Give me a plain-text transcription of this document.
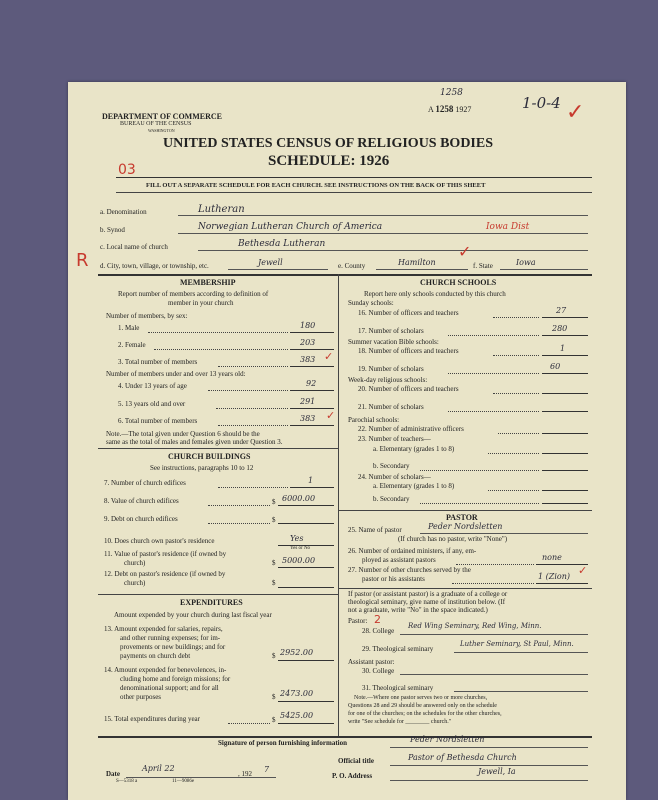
DEPARTMENT OF COMMERCE
BUREAU OF THE CENSUS
WASHINGTON
A 1258 1927
1258
1-0-4 ✓
UNITED STATES CENSUS OF RELIGIOUS BODIES
SCHEDULE: 1926
03
FILL OUT A SEPARATE SCHEDULE FOR EACH CHURCH. SEE INSTRUCTIONS ON THE BACK OF THIS SHEET
a. Denomination	Lutheran
b. Synod	Norwegian Lutheran Church of America	Iowa Dist
c. Local name of church	Bethesda Lutheran
R d. City, town, village, or township, etc.	Jewell	e. County	Hamilton	f. State	Iowa
✓
MEMBERSHIP
Report number of members according to definition of
member in your church
Number of members, by sex:
1. Male	180
2. Female	203
3. Total number of members	383 ✓
Number of members under and over 13 years old:
4. Under 13 years of age	92
5. 13 years old and over	291
6. Total number of members	383 ✓
Note.—The total given under Question 6 should be the
same as the total of males and females given under Question 3.
CHURCH BUILDINGS
See instructions, paragraphs 10 to 12
7. Number of church edifices	1
8. Value of church edifices	$ 6000.00
9. Debt on church edifices	$
10. Does church own pastor's residence	Yes
Yes or No
11. Value of pastor's residence (if owned by
church)	$ 5000.00
12. Debt on pastor's residence (if owned by
church)	$
EXPENDITURES
Amount expended by your church during last fiscal year
13. Amount expended for salaries, repairs,
and other running expenses; for im-
provements or new buildings; and for
payments on church debt	$ 2952.00
14. Amount expended for benevolences, in-
cluding home and foreign missions; for
denominational support; and for all
other purposes	$ 2473.00
15. Total expenditures during year	$ 5425.00
CHURCH SCHOOLS
Report here only schools conducted by this church
Sunday schools:
16. Number of officers and teachers	27
17. Number of scholars	280
Summer vacation Bible schools:
18. Number of officers and teachers	1
19. Number of scholars	60
Week-day religious schools:
20. Number of officers and teachers
21. Number of scholars
Parochial schools:
22. Number of administrative officers
23. Number of teachers—
a. Elementary (grades 1 to 8)
b. Secondary
24. Number of scholars—
a. Elementary (grades 1 to 8)
b. Secondary
PASTOR
25. Name of pastor	Peder Nordsletten
(If church has no pastor, write "None")
26. Number of ordained ministers, if any, em-
ployed as assistant pastors	none
27. Number of other churches served by the
pastor or his assistants	1 (Zion) ✓
If pastor (or assistant pastor) is a graduate of a college or
theological seminary, give name of institution below. (If
not a graduate, write "No" in the space indicated.)
Pastor: 2
28. College
Red Wing Seminary, Red Wing, Minn.
29. Theological seminary
Luther Seminary, St Paul, Minn.
Assistant pastor:
30. College
31. Theological seminary
Note.—Where one pastor serves two or more churches,
Questions 28 and 29 should be answered only on the schedule
for one of the churches; on the schedules for the other churches,
write "See schedule for ________ church."
Signature of person furnishing information	Peder Nordsletten
Official title	Pastor of Bethesda Church
Date
April 22
, 192 7
P. O. Address	Jewell, Ia
S—5318 a	11—9086e
